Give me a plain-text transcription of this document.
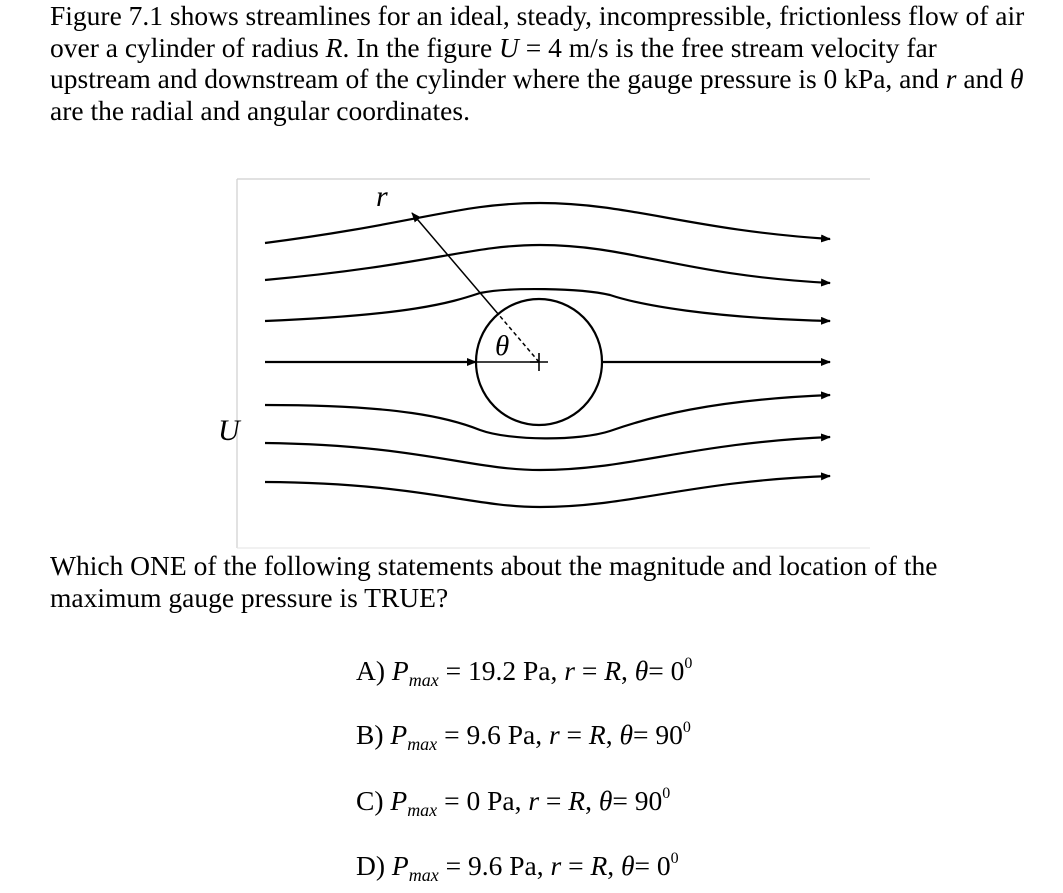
Figure 7.1 shows streamlines for an ideal, steady, incompressible, frictionless flow of air over a cylinder of radius R. In the figure U = 4 m/s is the free stream velocity far upstream and downstream of the cylinder where the gauge pressure is 0 kPa, and r and θ are the radial and angular coordinates.
r
θ
U
Which ONE of the following statements about the magnitude and location of the maximum gauge pressure is TRUE?
A) $P_{max} = 19.2$ Pa, r = R, $\theta= 0^0$
B) $P_{max} = 9.6$ Pa, r = R, $\theta= 90^0$
C) $P_{max} = 0$ Pa, r = R, $\theta= 90^0$
D) $P_{max} = 9.6$ Pa, r = R, $\theta= 0^0$
